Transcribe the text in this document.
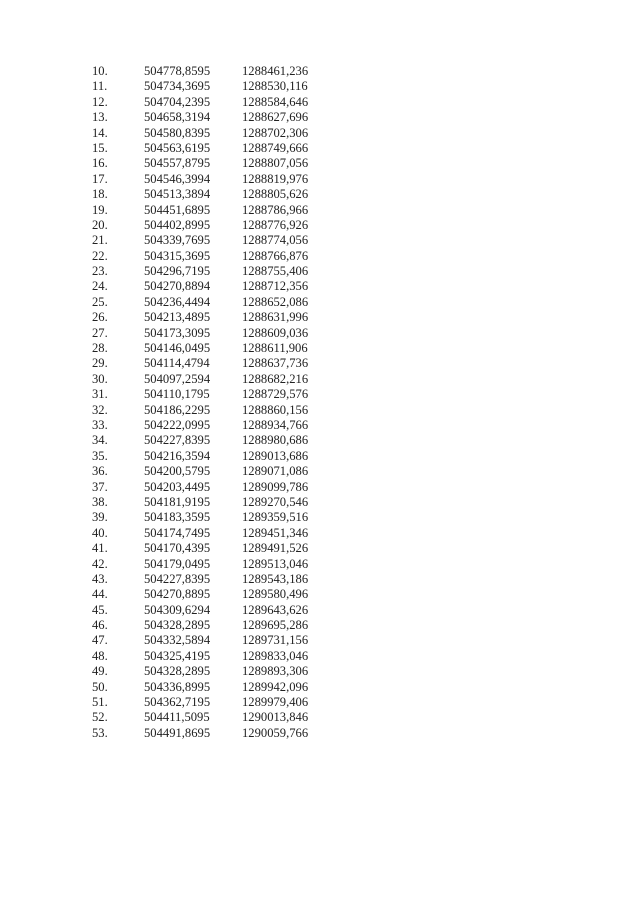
10.	504778,8595	1288461,236
11.	504734,3695	1288530,116
12.	504704,2395	1288584,646
13.	504658,3194	1288627,696
14.	504580,8395	1288702,306
15.	504563,6195	1288749,666
16.	504557,8795	1288807,056
17.	504546,3994	1288819,976
18.	504513,3894	1288805,626
19.	504451,6895	1288786,966
20.	504402,8995	1288776,926
21.	504339,7695	1288774,056
22.	504315,3695	1288766,876
23.	504296,7195	1288755,406
24.	504270,8894	1288712,356
25.	504236,4494	1288652,086
26.	504213,4895	1288631,996
27.	504173,3095	1288609,036
28.	504146,0495	1288611,906
29.	504114,4794	1288637,736
30.	504097,2594	1288682,216
31.	504110,1795	1288729,576
32.	504186,2295	1288860,156
33.	504222,0995	1288934,766
34.	504227,8395	1288980,686
35.	504216,3594	1289013,686
36.	504200,5795	1289071,086
37.	504203,4495	1289099,786
38.	504181,9195	1289270,546
39.	504183,3595	1289359,516
40.	504174,7495	1289451,346
41.	504170,4395	1289491,526
42.	504179,0495	1289513,046
43.	504227,8395	1289543,186
44.	504270,8895	1289580,496
45.	504309,6294	1289643,626
46.	504328,2895	1289695,286
47.	504332,5894	1289731,156
48.	504325,4195	1289833,046
49.	504328,2895	1289893,306
50.	504336,8995	1289942,096
51.	504362,7195	1289979,406
52.	504411,5095	1290013,846
53.	504491,8695	1290059,766
